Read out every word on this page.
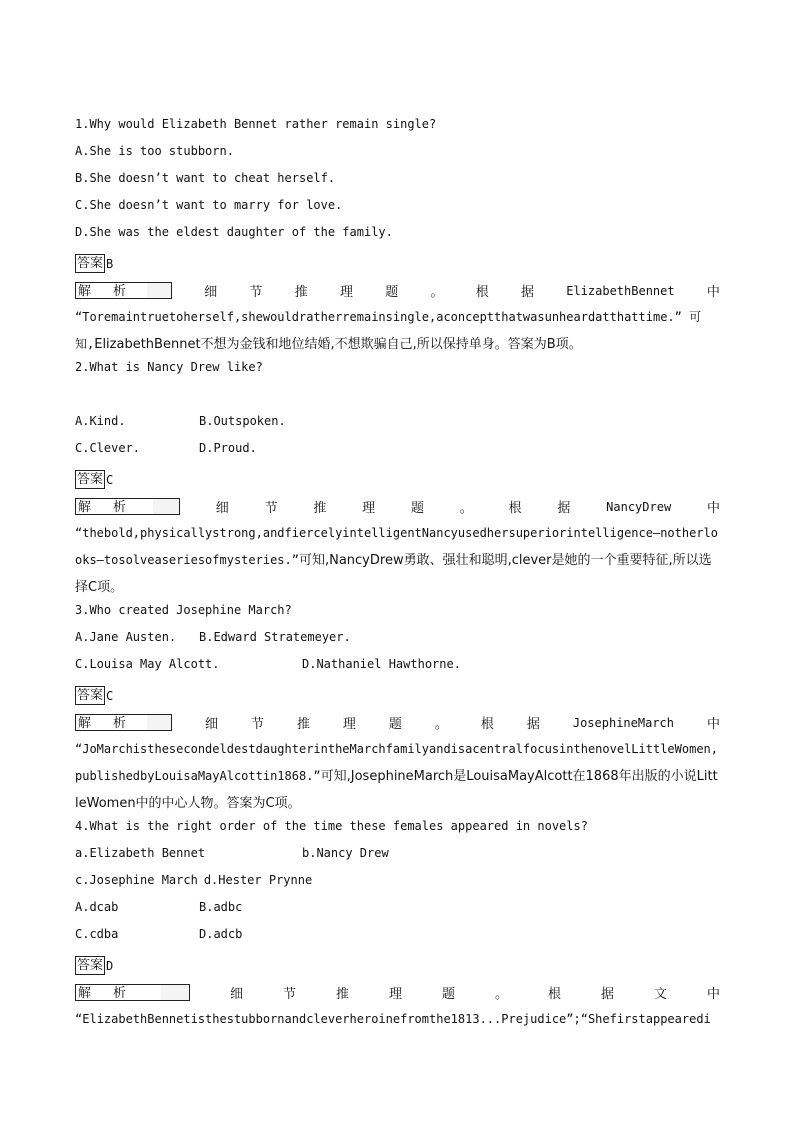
1.Why would Elizabeth Bennet rather remain single?
A.She is too stubborn.
B.She doesn’t want to cheat herself.
C.She doesn’t want to marry for love.
D.She was the eldest daughter of the family.
答案 B
解析	细 节 推 理 题 。 根 据	ElizabethBennet 中
“Toremaintruetoherself,shewouldratherremainsingle,aconceptthatwasunheardatthattime.” 可知,ElizabethBennet不想为金钱和地位结婚,不想欺骗自己,所以保持单身。答案为B项。
2.What is Nancy Drew like?
A.Kind.	B.Outspoken.
C.Clever.	D.Proud.
答案 C
解析	细	节	推	理	题	。	根	据	NancyDrew	中
“thebold,physicallystrong,andfiercelyintelligentNancyusedhersuperiorintelligence—notherlooks—tosolveaseriesofmysteries.”可知,NancyDrew勇敢、强壮和聪明,clever是她的一个重要特征,所以选择C项。
3.Who created Josephine March?
A.Jane Austen.	B.Edward Stratemeyer.
C.Louisa May Alcott.	D.Nathaniel Hawthorne.
答案 C
解析	细	节	推	理	题	。	根	据	JosephineMarch	中
“JoMarchisthesecondeldestdaughterintheMarchfamilyandisacentralfocusinthenovelLittleWomen,publishedbyLouisaMayAlcottin1868.”可知,JosephineMarch是LouisaMayAlcott在1868年出版的小说LittleWomen中的中心人物。答案为C项。
4.What is the right order of the time these females appeared in novels?
a.Elizabeth Bennet	b.Nancy Drew
c.Josephine March d.Hester Prynne
A.dcab	B.adbc
C.cdba	D.adcb
答案 D
解析	细	节	推	理	题	。	根	据	文	中
“ElizabethBennetisthestubbornandcleverheroinefromthe1813...Prejudice”;“Shefirstappearedi
